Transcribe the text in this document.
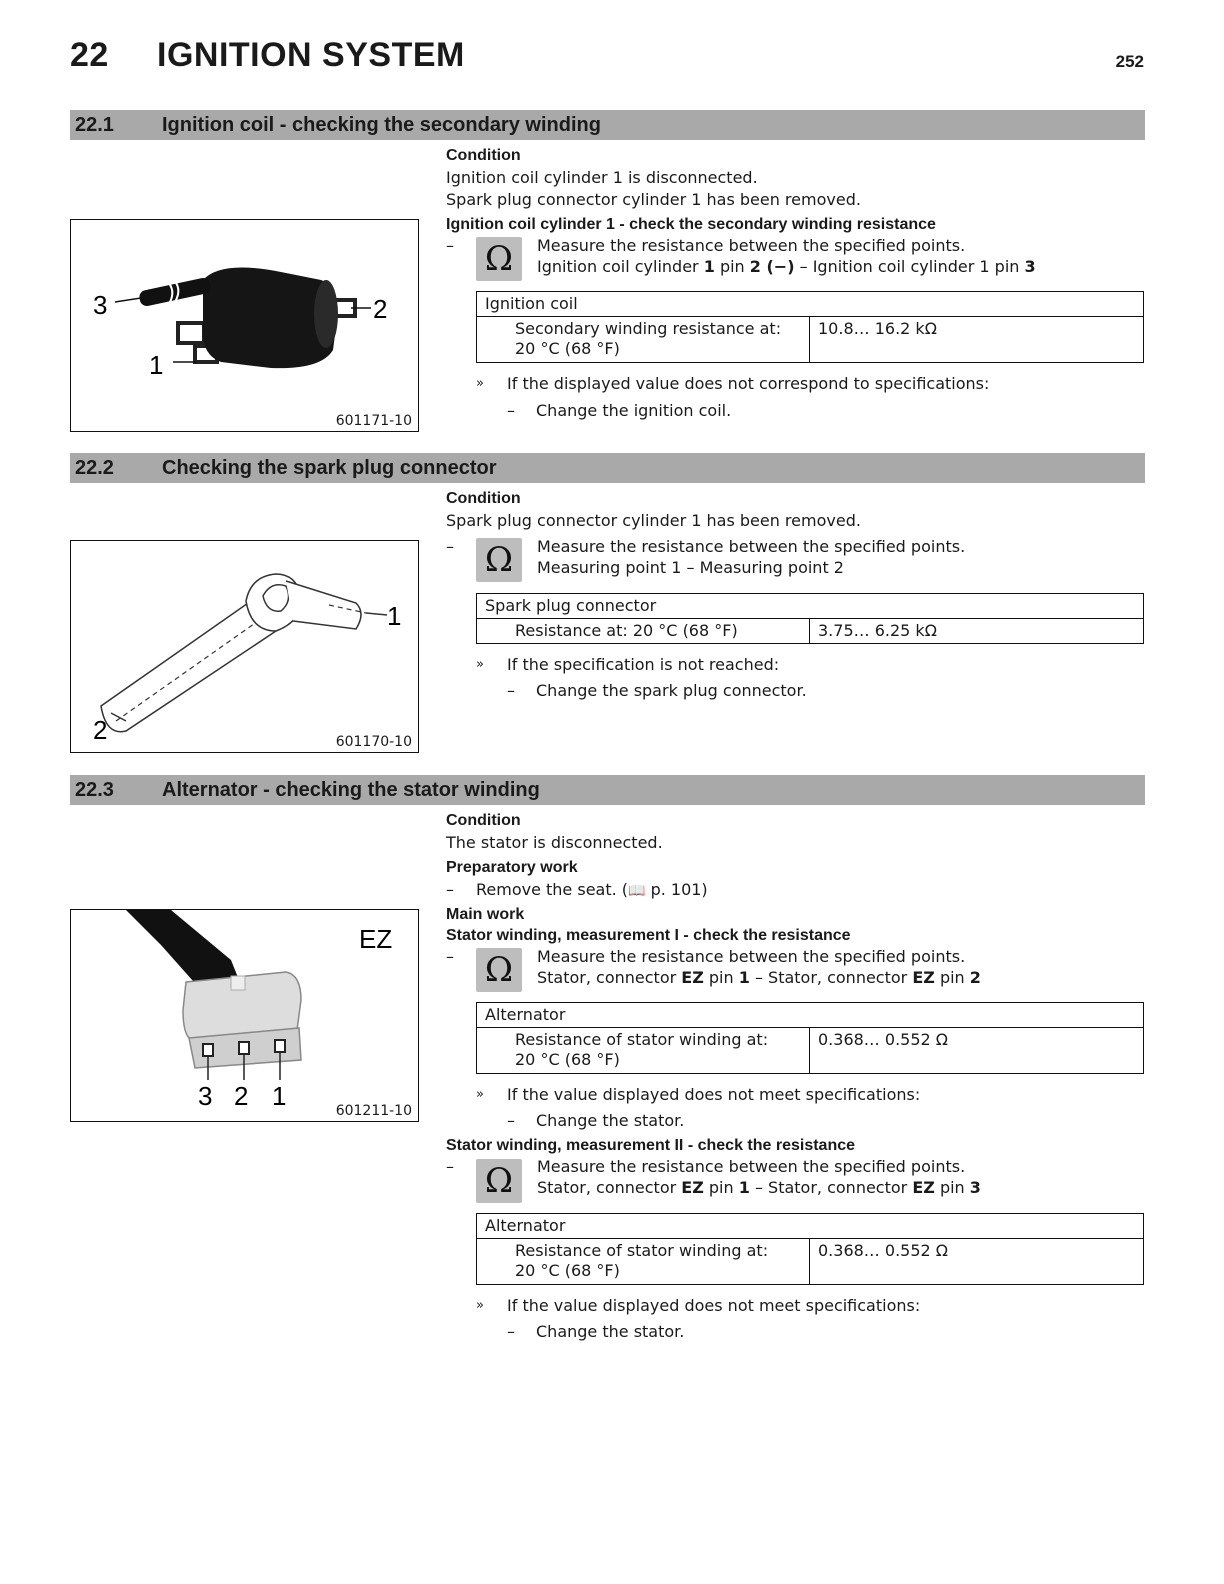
22 IGNITION SYSTEM	252
22.1 Ignition coil - checking the secondary winding
Condition
Ignition coil cylinder 1 is disconnected.
Spark plug connector cylinder 1 has been removed.
Ignition coil cylinder 1 - check the secondary winding resistance
– Ω	Measure the resistance between the specified points.
Ignition coil cylinder 1 pin 2 (−) – Ignition coil cylinder 1 pin 3
Ignition coil
Secondary winding resistance at:
20 °C (68 °F)	10.8… 16.2 kΩ
» If the displayed value does not correspond to specifications:
– Change the ignition coil.
3
1
2
601171-10
22.2 Checking the spark plug connector
Condition
Spark plug connector cylinder 1 has been removed.
– Ω	Measure the resistance between the specified points.
Measuring point 1 – Measuring point 2
Spark plug connector
Resistance at: 20 °C (68 °F)	3.75… 6.25 kΩ
» If the specification is not reached:
– Change the spark plug connector.
1
2	601170-10
22.3 Alternator - checking the stator winding
Condition
The stator is disconnected.
Preparatory work
– Remove the seat. (📖 p. 101)
Main work
Stator winding, measurement I - check the resistance
– Ω	Measure the resistance between the specified points.
Stator, connector EZ pin 1 – Stator, connector EZ pin 2
Alternator
Resistance of stator winding at:
20 °C (68 °F)	0.368… 0.552 Ω
» If the value displayed does not meet specifications:
– Change the stator.
Stator winding, measurement II - check the resistance
– Ω	Measure the resistance between the specified points.
Stator, connector EZ pin 1 – Stator, connector EZ pin 3
Alternator
Resistance of stator winding at:
20 °C (68 °F)	0.368… 0.552 Ω
» If the value displayed does not meet specifications:
– Change the stator.
EZ
3 2 1	601211-10
